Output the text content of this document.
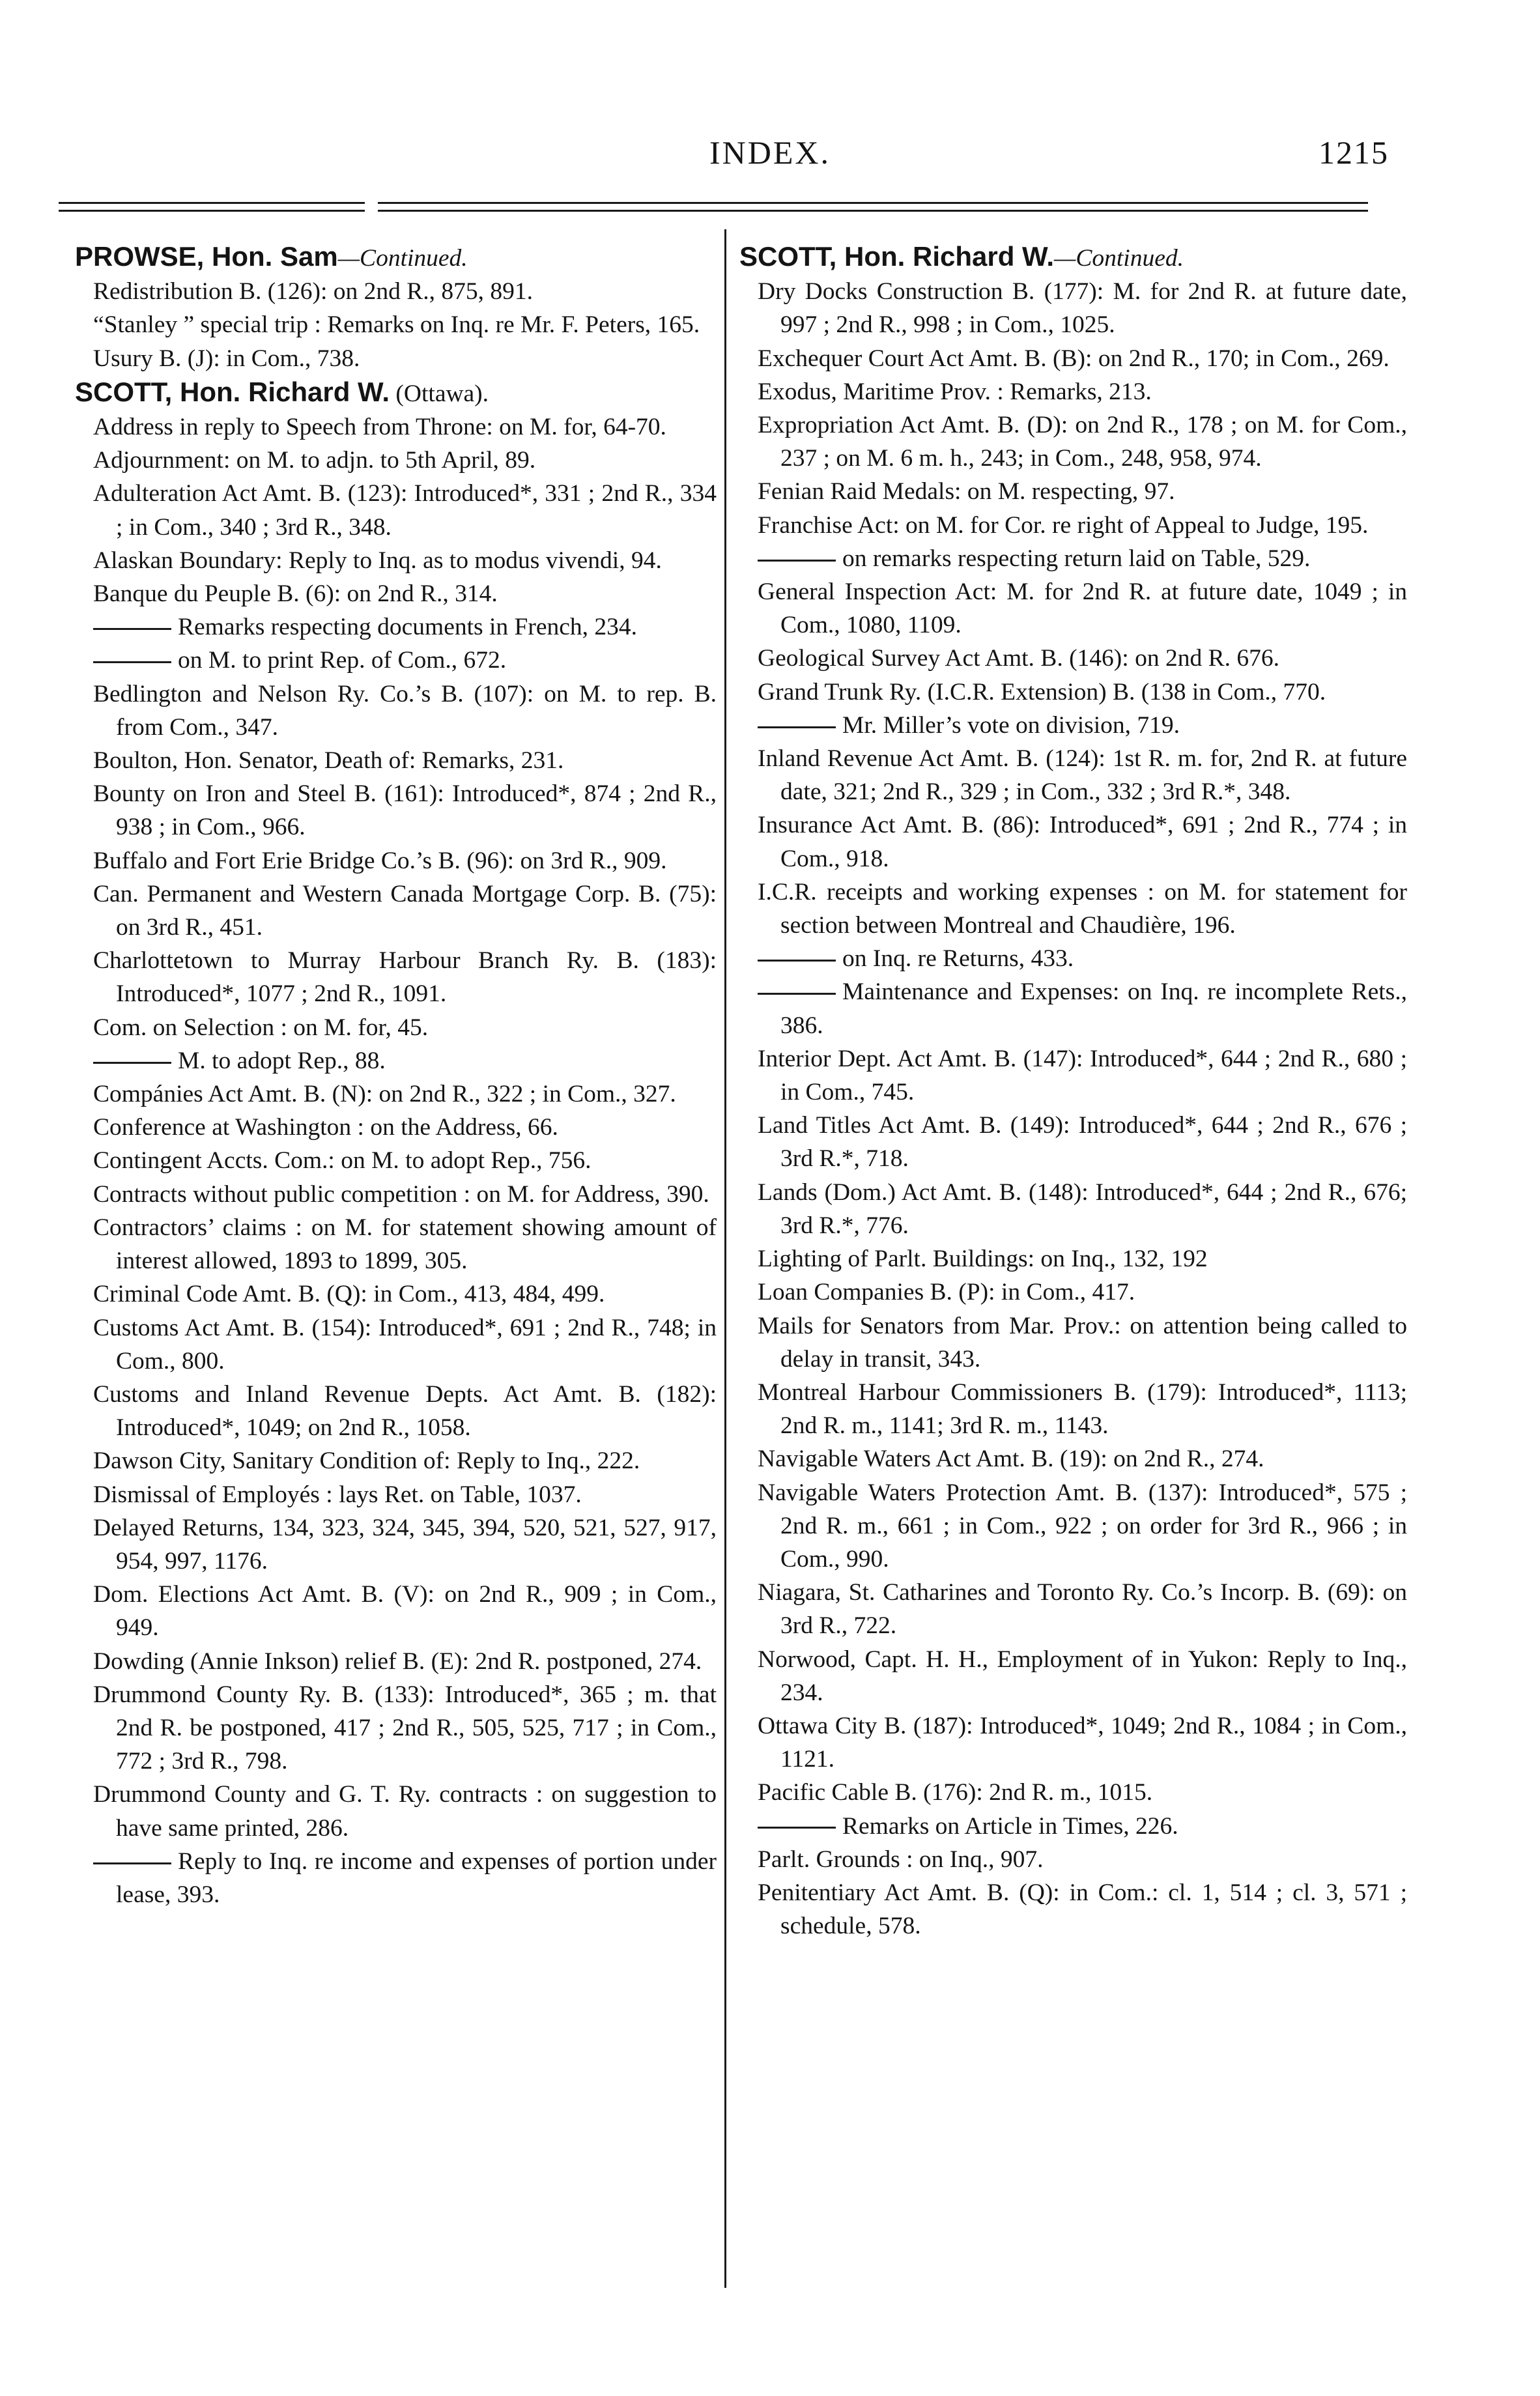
INDEX.	1215
PROWSE, Hon. Sam—Continued.
Redistribution B. (126): on 2nd R., 875, 891.
“Stanley ” special trip : Remarks on Inq. re Mr. F. Peters, 165.
Usury B. (J): in Com., 738.
SCOTT, Hon. Richard W. (Ottawa).
Address in reply to Speech from Throne: on M. for, 64-70.
Adjournment: on M. to adjn. to 5th April, 89.
Adulteration Act Amt. B. (123): Introduced*, 331 ; 2nd R., 334 ; in Com., 340 ; 3rd R., 348.
Alaskan Boundary: Reply to Inq. as to modus vivendi, 94.
Banque du Peuple B. (6): on 2nd R., 314.
Remarks respecting documents in French, 234.
on M. to print Rep. of Com., 672.
Bedlington and Nelson Ry. Co.’s B. (107): on M. to rep. B. from Com., 347.
Boulton, Hon. Senator, Death of: Remarks, 231.
Bounty on Iron and Steel B. (161): Introduced*, 874 ; 2nd R., 938 ; in Com., 966.
Buffalo and Fort Erie Bridge Co.’s B. (96): on 3rd R., 909.
Can. Permanent and Western Canada Mortgage Corp. B. (75): on 3rd R., 451.
Charlottetown to Murray Harbour Branch Ry. B. (183): Introduced*, 1077 ; 2nd R., 1091.
Com. on Selection : on M. for, 45.
M. to adopt Rep., 88.
Compánies Act Amt. B. (N): on 2nd R., 322 ; in Com., 327.
Conference at Washington : on the Address, 66.
Contingent Accts. Com.: on M. to adopt Rep., 756.
Contracts without public competition : on M. for Address, 390.
Contractors’ claims : on M. for statement showing amount of interest allowed, 1893 to 1899, 305.
Criminal Code Amt. B. (Q): in Com., 413, 484, 499.
Customs Act Amt. B. (154): Introduced*, 691 ; 2nd R., 748; in Com., 800.
Customs and Inland Revenue Depts. Act Amt. B. (182): Introduced*, 1049; on 2nd R., 1058.
Dawson City, Sanitary Condition of: Reply to Inq., 222.
Dismissal of Employés : lays Ret. on Table, 1037.
Delayed Returns, 134, 323, 324, 345, 394, 520, 521, 527, 917, 954, 997, 1176.
Dom. Elections Act Amt. B. (V): on 2nd R., 909 ; in Com., 949.
Dowding (Annie Inkson) relief B. (E): 2nd R. postponed, 274.
Drummond County Ry. B. (133): Introduced*, 365 ; m. that 2nd R. be postponed, 417 ; 2nd R., 505, 525, 717 ; in Com., 772 ; 3rd R., 798.
Drummond County and G. T. Ry. contracts : on suggestion to have same printed, 286.
Reply to Inq. re income and expenses of portion under lease, 393.
SCOTT, Hon. Richard W.—Continued.
Dry Docks Construction B. (177): M. for 2nd R. at future date, 997 ; 2nd R., 998 ; in Com., 1025.
Exchequer Court Act Amt. B. (B): on 2nd R., 170; in Com., 269.
Exodus, Maritime Prov. : Remarks, 213.
Expropriation Act Amt. B. (D): on 2nd R., 178 ; on M. for Com., 237 ; on M. 6 m. h., 243; in Com., 248, 958, 974.
Fenian Raid Medals: on M. respecting, 97.
Franchise Act: on M. for Cor. re right of Appeal to Judge, 195.
on remarks respecting return laid on Table, 529.
General Inspection Act: M. for 2nd R. at future date, 1049 ; in Com., 1080, 1109.
Geological Survey Act Amt. B. (146): on 2nd R. 676.
Grand Trunk Ry. (I.C.R. Extension) B. (138 in Com., 770.
Mr. Miller’s vote on division, 719.
Inland Revenue Act Amt. B. (124): 1st R. m. for, 2nd R. at future date, 321; 2nd R., 329 ; in Com., 332 ; 3rd R.*, 348.
Insurance Act Amt. B. (86): Introduced*, 691 ; 2nd R., 774 ; in Com., 918.
I.C.R. receipts and working expenses : on M. for statement for section between Montreal and Chaudière, 196.
on Inq. re Returns, 433.
Maintenance and Expenses: on Inq. re incomplete Rets., 386.
Interior Dept. Act Amt. B. (147): Introduced*, 644 ; 2nd R., 680 ; in Com., 745.
Land Titles Act Amt. B. (149): Introduced*, 644 ; 2nd R., 676 ; 3rd R.*, 718.
Lands (Dom.) Act Amt. B. (148): Introduced*, 644 ; 2nd R., 676; 3rd R.*, 776.
Lighting of Parlt. Buildings: on Inq., 132, 192
Loan Companies B. (P): in Com., 417.
Mails for Senators from Mar. Prov.: on attention being called to delay in transit, 343.
Montreal Harbour Commissioners B. (179): Introduced*, 1113; 2nd R. m., 1141; 3rd R. m., 1143.
Navigable Waters Act Amt. B. (19): on 2nd R., 274.
Navigable Waters Protection Amt. B. (137): Introduced*, 575 ; 2nd R. m., 661 ; in Com., 922 ; on order for 3rd R., 966 ; in Com., 990.
Niagara, St. Catharines and Toronto Ry. Co.’s Incorp. B. (69): on 3rd R., 722.
Norwood, Capt. H. H., Employment of in Yukon: Reply to Inq., 234.
Ottawa City B. (187): Introduced*, 1049; 2nd R., 1084 ; in Com., 1121.
Pacific Cable B. (176): 2nd R. m., 1015.
Remarks on Article in Times, 226.
Parlt. Grounds : on Inq., 907.
Penitentiary Act Amt. B. (Q): in Com.: cl. 1, 514 ; cl. 3, 571 ; schedule, 578.
